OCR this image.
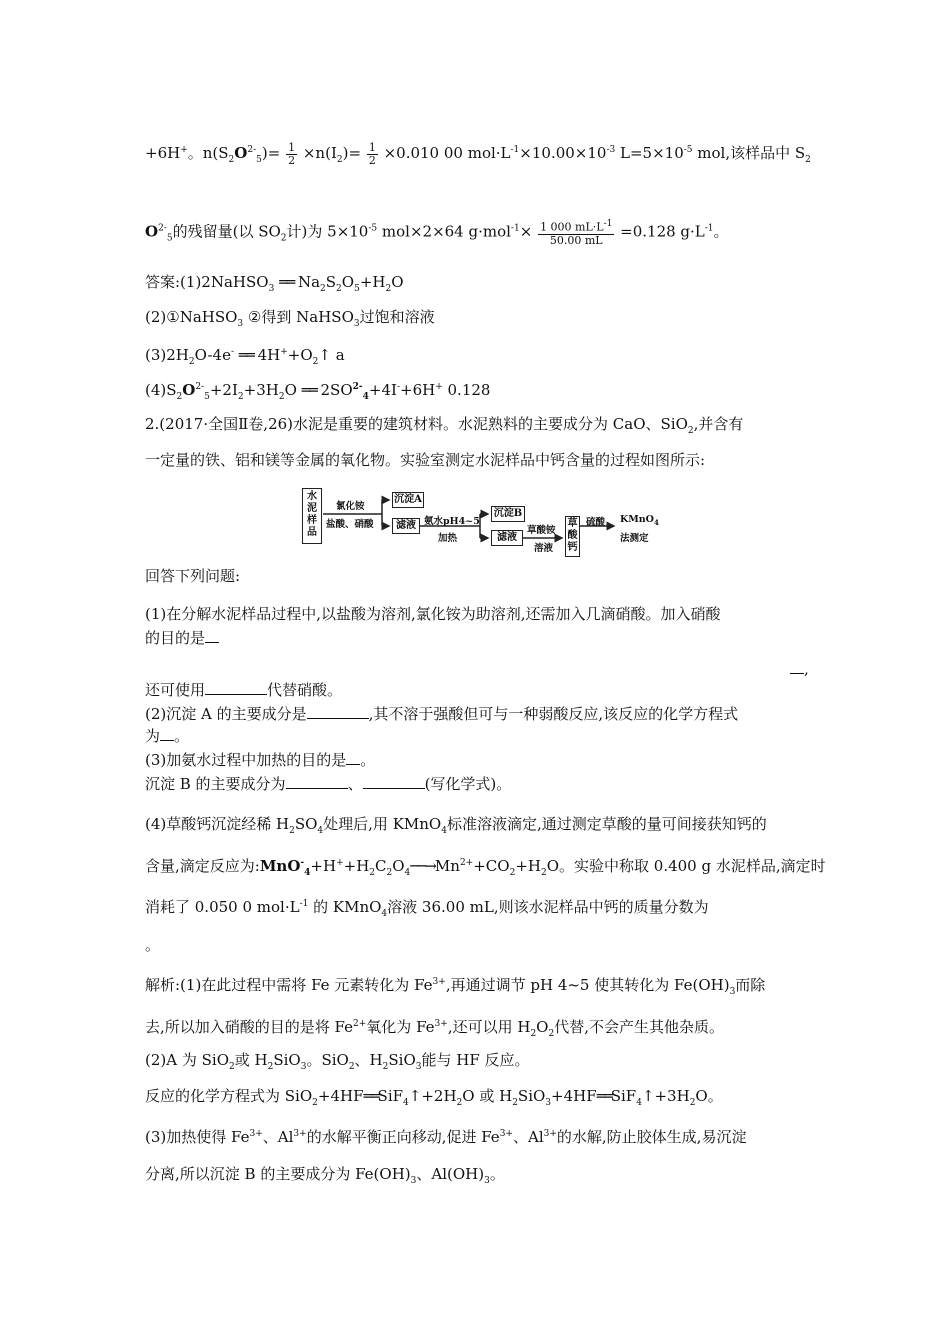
+6H+。$n(S_2O^{2-}_5)= \frac{1}{2} \times n(I_2)= \frac{1}{2} \times 0.010$ 00 $mol\cdot L^{-1}\times 10.00\times 10^{-3}$ $L=5\times 10^{-5}$ mol,该样品中 $S_2$
$O^{2-}_5$的残留量(以 $SO_2$计)为 $5\times 10^{-5}$ mol×2×64 $g\cdot mol^{-1}\times \frac{1 000 mL\cdot L^{-1}}{50.00 mL} =0.128$ $g\cdot L^{-1}$。
答案:(1)2NaHSO$_3$ ══ $Na_2S_2O_5+H_2O$
(2)①NaHSO$_3$ ②得到 NaHSO$_3$过饱和溶液
$(3)2H_2O-4e^-$ ══ $4H^++O_2↑$ a
$(4)S_2O^{2-}_5+2I_2+3H_2O$ ══ $2SO^{2-}_4+4I^-+6H^+$ 0.128
2.(2017·全国Ⅱ卷,26)水泥是重要的建筑材料。水泥熟料的主要成分为 CaO、SiO$_2$,并含有
一定量的铁、铝和镁等金属的氧化物。实验室测定水泥样品中钙含量的过程如图所示:
水泥样品
氯化铵
盐酸、硝酸
沉淀A
滤液 氨水pH4~5
加热
沉淀B
滤液
草酸铵
溶液
草酸钙
硫酸 KMnO$_4$
法测定
回答下列问题:
(1)在分解水泥样品过程中,以盐酸为溶剂,氯化铵为助溶剂,还需加入几滴硝酸。加入硝酸
的目的是
,
还可使用	代替硝酸。
(2)沉淀 A 的主要成分是	,其不溶于强酸但可与一种弱酸反应,该反应的化学方程式
为 。
(3)加氨水过程中加热的目的是 。
沉淀 B 的主要成分为	、	(写化学式)。
(4)草酸钙沉淀经稀 $H_2SO_4$处理后,用 KMnO$_4$标准溶液滴定,通过测定草酸的量可间接获知钙的
含量,滴定反应为$:MnO^-_4+H^++H_2C_2O_4──\to Mn^{2+}+CO_2+H_2O$。实验中称取 0.400 g 水泥样品,滴定时
消耗了 0.050 0 $mol\cdot L^{-1}$ 的 KMnO$_4$溶液 36.00 mL,则该水泥样品中钙的质量分数为
。
解析:(1)在此过程中需将 Fe 元素转化为 $Fe^{3+}$,再通过调节 pH 4~5 使其转化为 $Fe(OH)_3$而除
去,所以加入硝酸的目的是将 $Fe^{2+}$氧化为 $Fe^{3+}$,还可以用 $H_2O_2$代替,不会产生其他杂质。
(2)A 为 SiO$_2$或 $H_2SiO_3$。SiO$_2$、$H_2SiO_3$能与 HF 反应。
反应的化学方程式为 $SiO_2+4HF══SiF_4↑+2H_2O$ 或 $H_2SiO_3+4HF══SiF_4↑+3H_2O$。
(3)加热使得 $Fe^{3+}$、$Al^{3+}$的水解平衡正向移动,促进 $Fe^{3+}$、$Al^{3+}$的水解,防止胶体生成,易沉淀
分离,所以沉淀 B 的主要成分为 $Fe(OH)_3$、$Al(OH)_3$。
